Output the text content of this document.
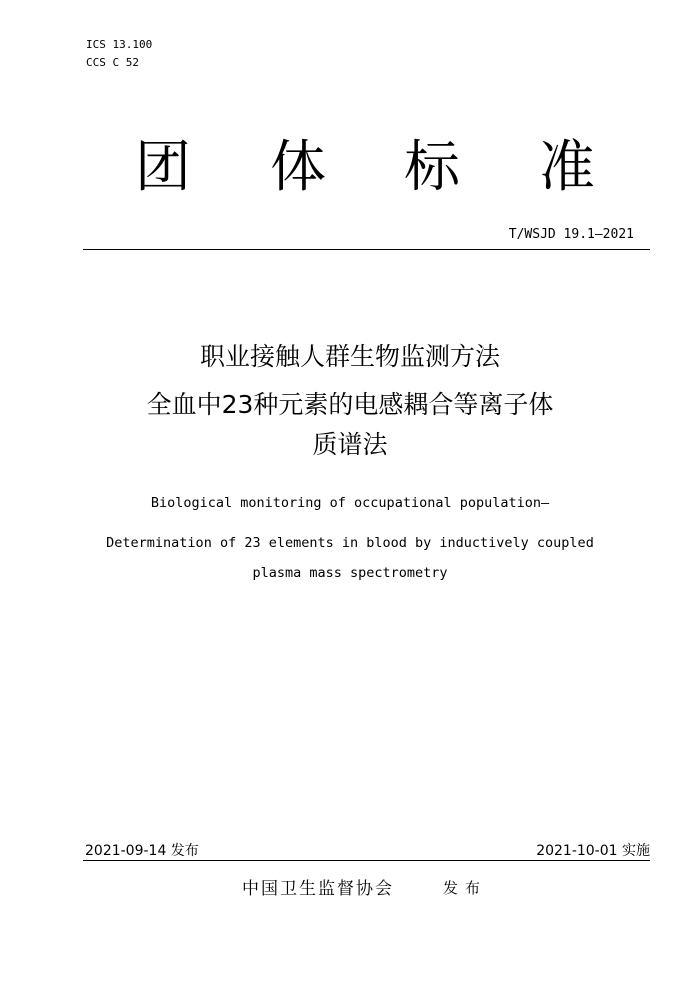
ICS 13.100
CCS C 52
团 体 标 准
T/WSJD 19.1—2021
职业接触人群生物监测方法
全血中23种元素的电感耦合等离子体
质谱法
Biological monitoring of occupational population—
Determination of 23 elements in blood by inductively coupled
plasma mass spectrometry
2021-09-14 发布	2021-10-01 实施
中国卫生监督协会	发布
